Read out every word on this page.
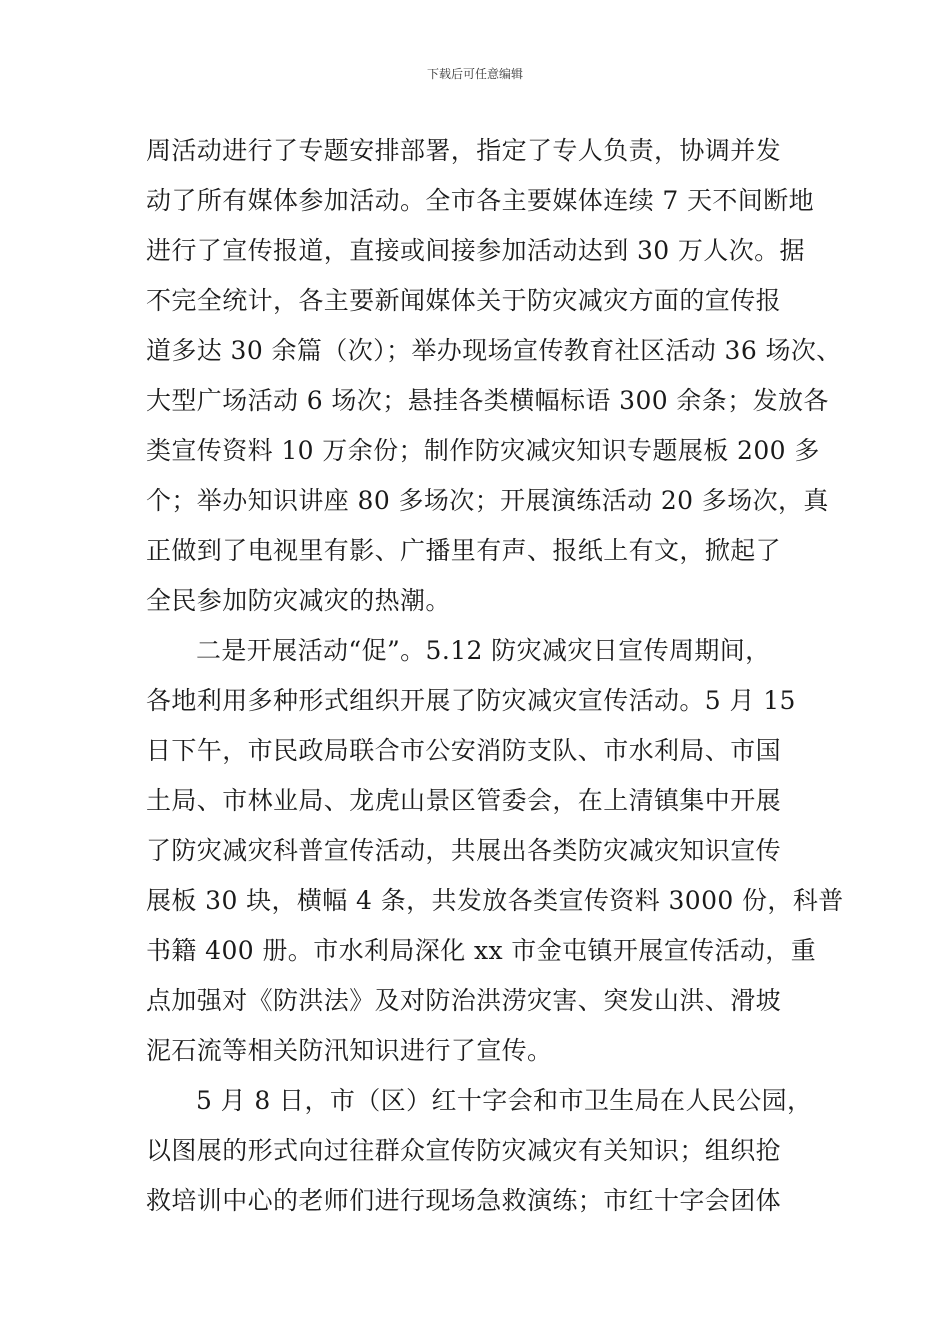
下载后可任意编辑
周活动进行了专题安排部署，指定了专人负责，协调并发
动了所有媒体参加活动。全市各主要媒体连续 7 天不间断地
进行了宣传报道，直接或间接参加活动达到 30 万人次。据
不完全统计，各主要新闻媒体关于防灾减灾方面的宣传报
道多达 30 余篇（次）；举办现场宣传教育社区活动 36 场次、
大型广场活动 6 场次；悬挂各类横幅标语 300 余条；发放各
类宣传资料 10 万余份；制作防灾减灾知识专题展板 200 多
个；举办知识讲座 80 多场次；开展演练活动 20 多场次，真
正做到了电视里有影、广播里有声、报纸上有文，掀起了
全民参加防灾减灾的热潮。
二是开展活动“促”。5.12 防灾减灾日宣传周期间，
各地利用多种形式组织开展了防灾减灾宣传活动。5 月 15
日下午，市民政局联合市公安消防支队、市水利局、市国
土局、市林业局、龙虎山景区管委会，在上清镇集中开展
了防灾减灾科普宣传活动，共展出各类防灾减灾知识宣传
展板 30 块，横幅 4 条，共发放各类宣传资料 3000 份，科普
书籍 400 册。市水利局深化 xx 市金屯镇开展宣传活动，重
点加强对《防洪法》及对防治洪涝灾害、突发山洪、滑坡
泥石流等相关防汛知识进行了宣传。
5 月 8 日，市（区）红十字会和市卫生局在人民公园，
以图展的形式向过往群众宣传防灾减灾有关知识；组织抢
救培训中心的老师们进行现场急救演练；市红十字会团体
